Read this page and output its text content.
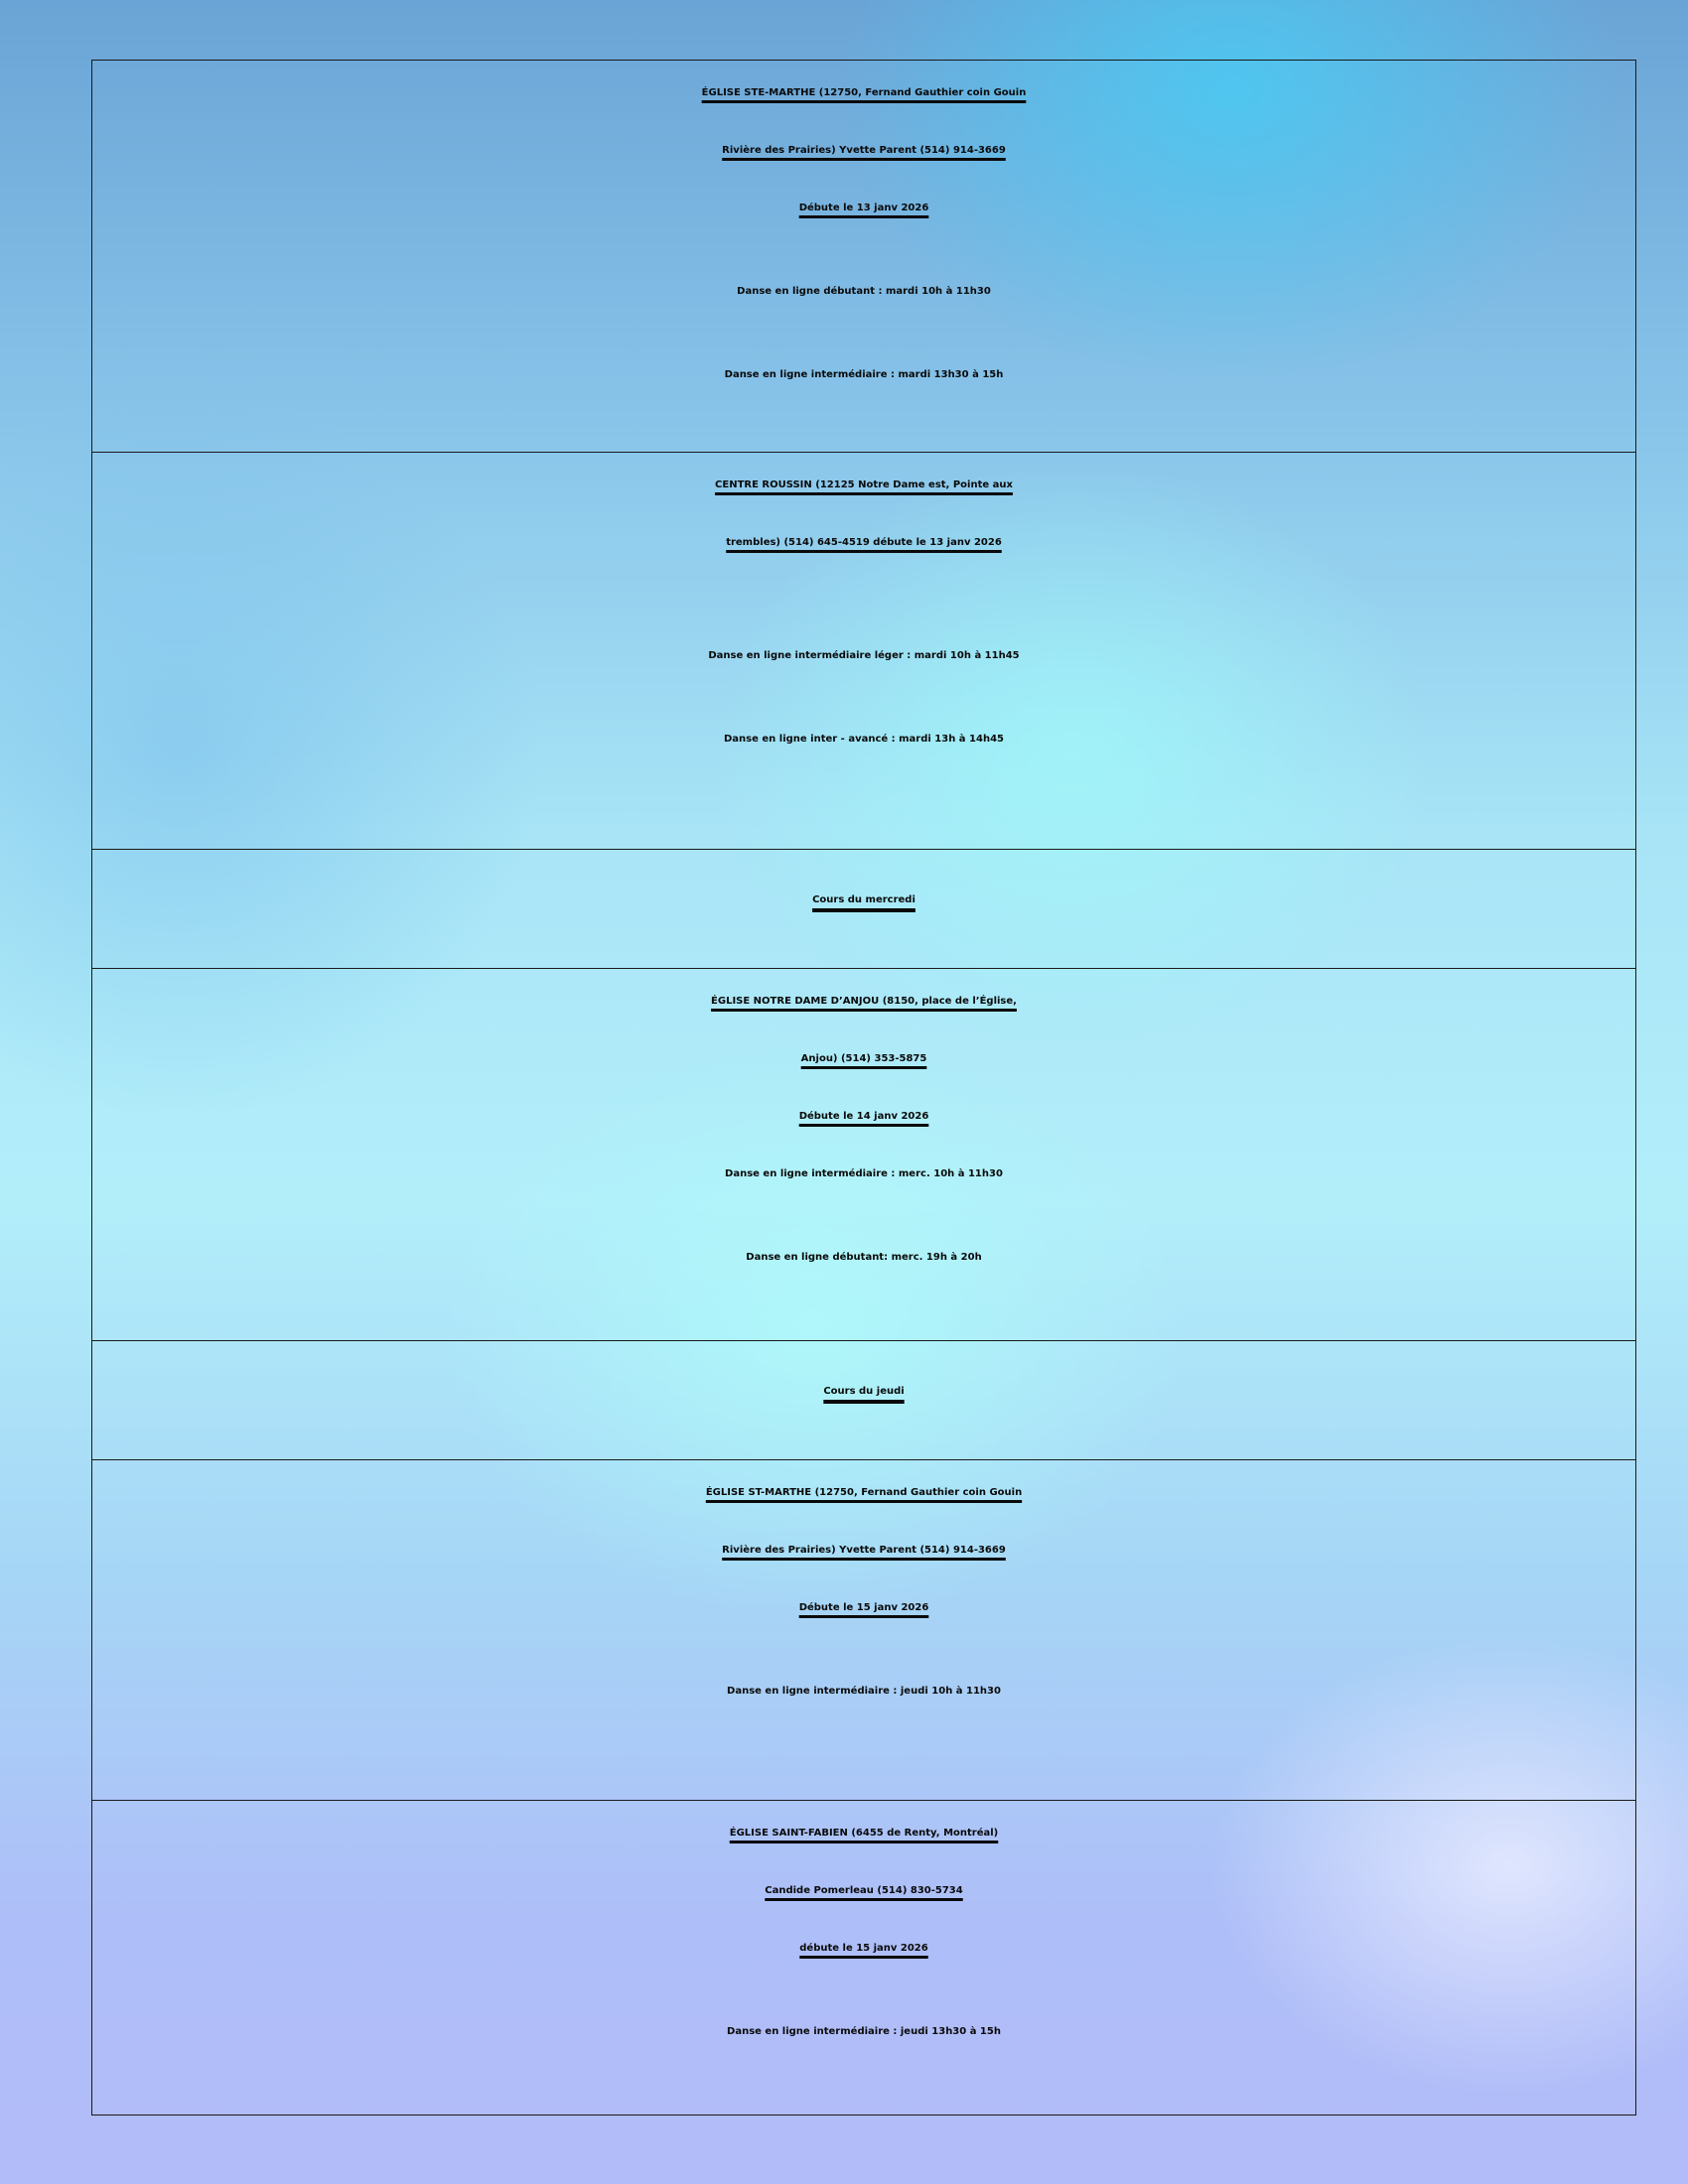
ÉGLISE STE-MARTHE (12750, Fernand Gauthier coin Gouin

Rivière des Prairies) Yvette Parent (514) 914-3669

Débute le 13 janv 2026

Danse en ligne débutant : mardi 10h à 11h30

Danse en ligne intermédiaire : mardi 13h30 à 15h

CENTRE ROUSSIN (12125 Notre Dame est, Pointe aux

trembles) (514) 645-4519 débute le 13 janv 2026

Danse en ligne intermédiaire léger : mardi 10h à 11h45

Danse en ligne inter - avancé : mardi 13h à 14h45

Cours du mercredi

ÉGLISE NOTRE DAME D’ANJOU (8150, place de l’Église,

Anjou) (514) 353-5875

Débute le 14 janv 2026

Danse en ligne intermédiaire : merc. 10h à 11h30

Danse en ligne débutant: merc. 19h à 20h

Cours du jeudi

ÉGLISE ST-MARTHE (12750, Fernand Gauthier coin Gouin

Rivière des Prairies) Yvette Parent (514) 914-3669

Débute le 15 janv 2026

Danse en ligne intermédiaire : jeudi 10h à 11h30

ÉGLISE SAINT-FABIEN (6455 de Renty, Montréal)

Candide Pomerleau (514) 830-5734

débute le 15 janv 2026

Danse en ligne intermédiaire : jeudi 13h30 à 15h
